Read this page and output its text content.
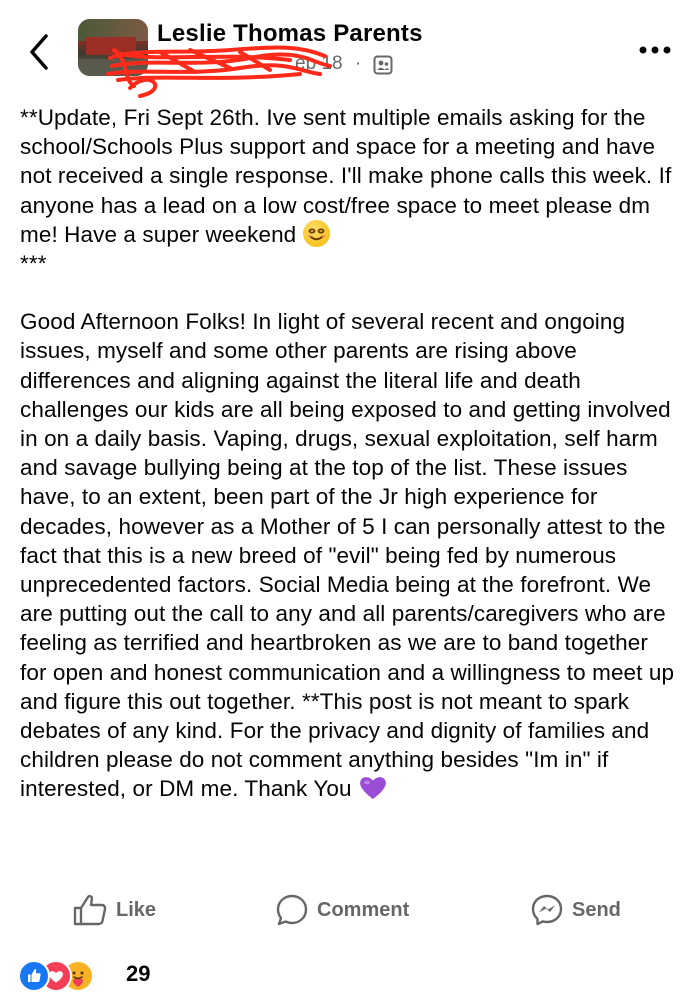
Leslie Thomas Parents
ep 18 ·

**Update, Fri Sept 26th. Ive sent multiple emails asking for the school/Schools Plus support and space for a meeting and have not received a single response. I'll make phone calls this week. If anyone has a lead on a low cost/free space to meet please dm me! Have a super weekend

***

Good Afternoon Folks! In light of several recent and ongoing issues, myself and some other parents are rising above differences and aligning against the literal life and death challenges our kids are all being exposed to and getting involved in on a daily basis. Vaping, drugs, sexual exploitation, self harm and savage bullying being at the top of the list. These issues have, to an extent, been part of the Jr high experience for decades, however as a Mother of 5 I can personally attest to the fact that this is a new breed of "evil" being fed by numerous unprecedented factors. Social Media being at the forefront. We are putting out the call to any and all parents/caregivers who are feeling as terrified and heartbroken as we are to band together for open and honest communication and a willingness to meet up and figure this out together. **This post is not meant to spark debates of any kind. For the privacy and dignity of families and children please do not comment anything besides "Im in" if interested, or DM me. Thank You

Like	Comment	Send
29
